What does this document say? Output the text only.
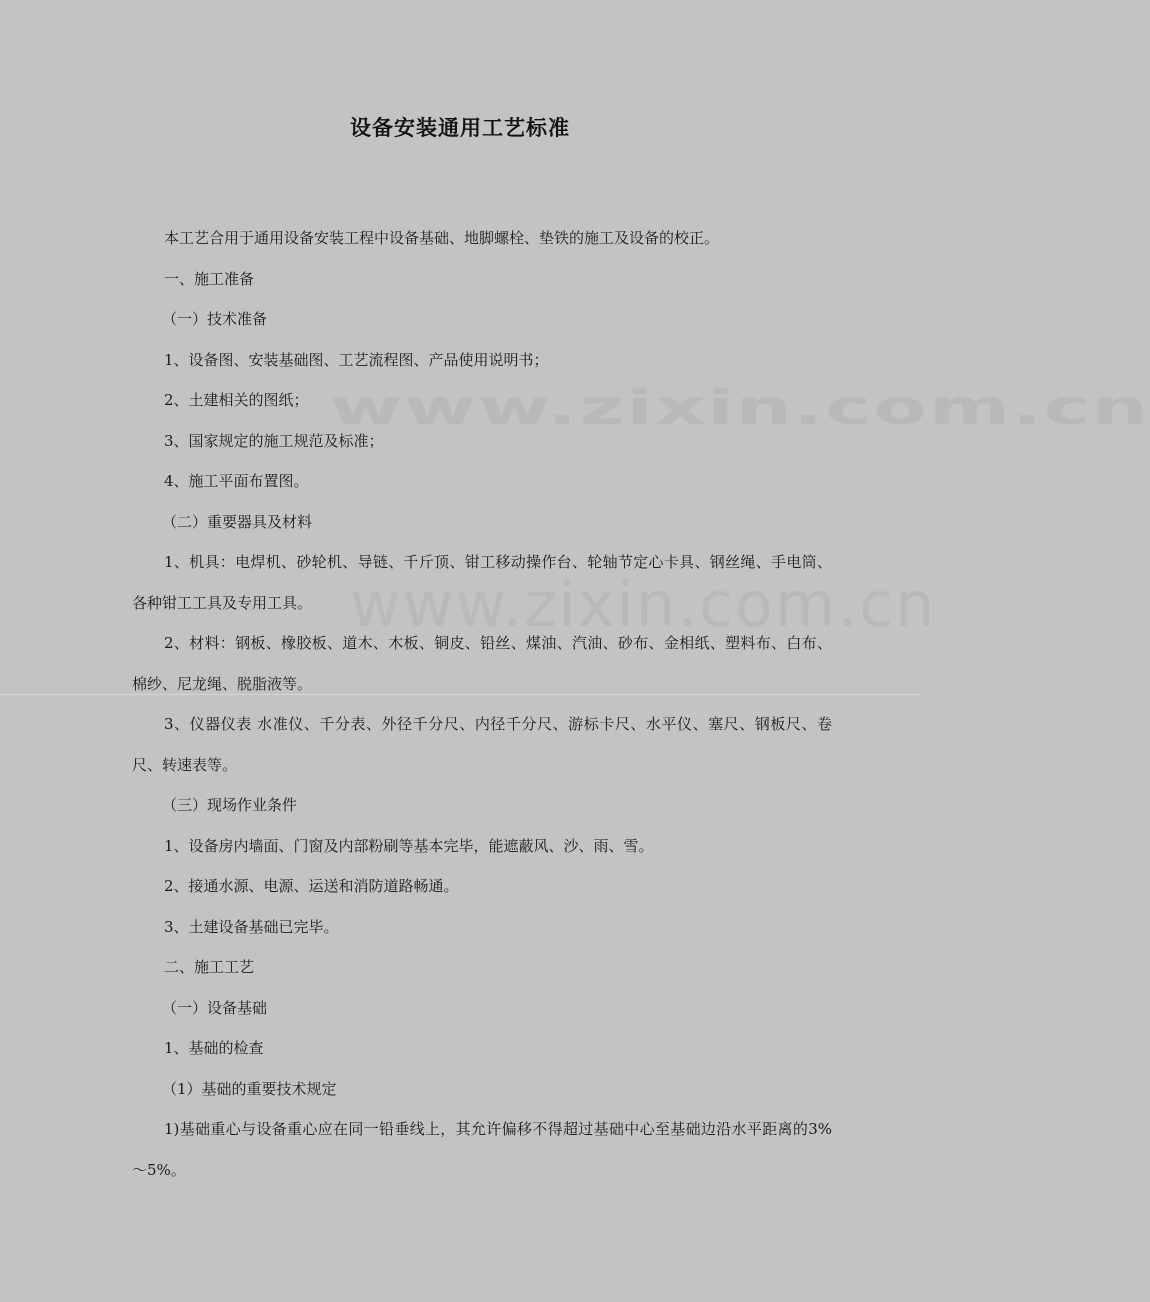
设备安装通用工艺标准
www.zixin.com.cn
www.zixin.com.cn

本工艺合用于通用设备安装工程中设备基础、地脚螺栓、垫铁的施工及设备的校正。

一、施工准备

（一）技术准备

1、设备图、安装基础图、工艺流程图、产品使用说明书；

2、土建相关的图纸；

3、国家规定的施工规范及标准；

4、施工平面布置图。

（二）重要器具及材料

1、机具：电焊机、砂轮机、导链、千斤顶、钳工移动操作台、轮轴节定心卡具、钢丝绳、手电筒、各种钳工工具及专用工具。

2、材料：钢板、橡胶板、道木、木板、铜皮、铅丝、煤油、汽油、砂布、金相纸、塑料布、白布、棉纱、尼龙绳、脱脂液等。

3、仪器仪表 水准仪、千分表、外径千分尺、内径千分尺、游标卡尺、水平仪、塞尺、钢板尺、卷尺、转速表等。

（三）现场作业条件

1、设备房内墙面、门窗及内部粉刷等基本完毕，能遮蔽风、沙、雨、雪。

2、接通水源、电源、运送和消防道路畅通。

3、土建设备基础已完毕。

二、施工工艺

（一）设备基础

1、基础的检查

（1）基础的重要技术规定

1)基础重心与设备重心应在同一铅垂线上，其允许偏移不得超过基础中心至基础边沿水平距离的3%～5%。
